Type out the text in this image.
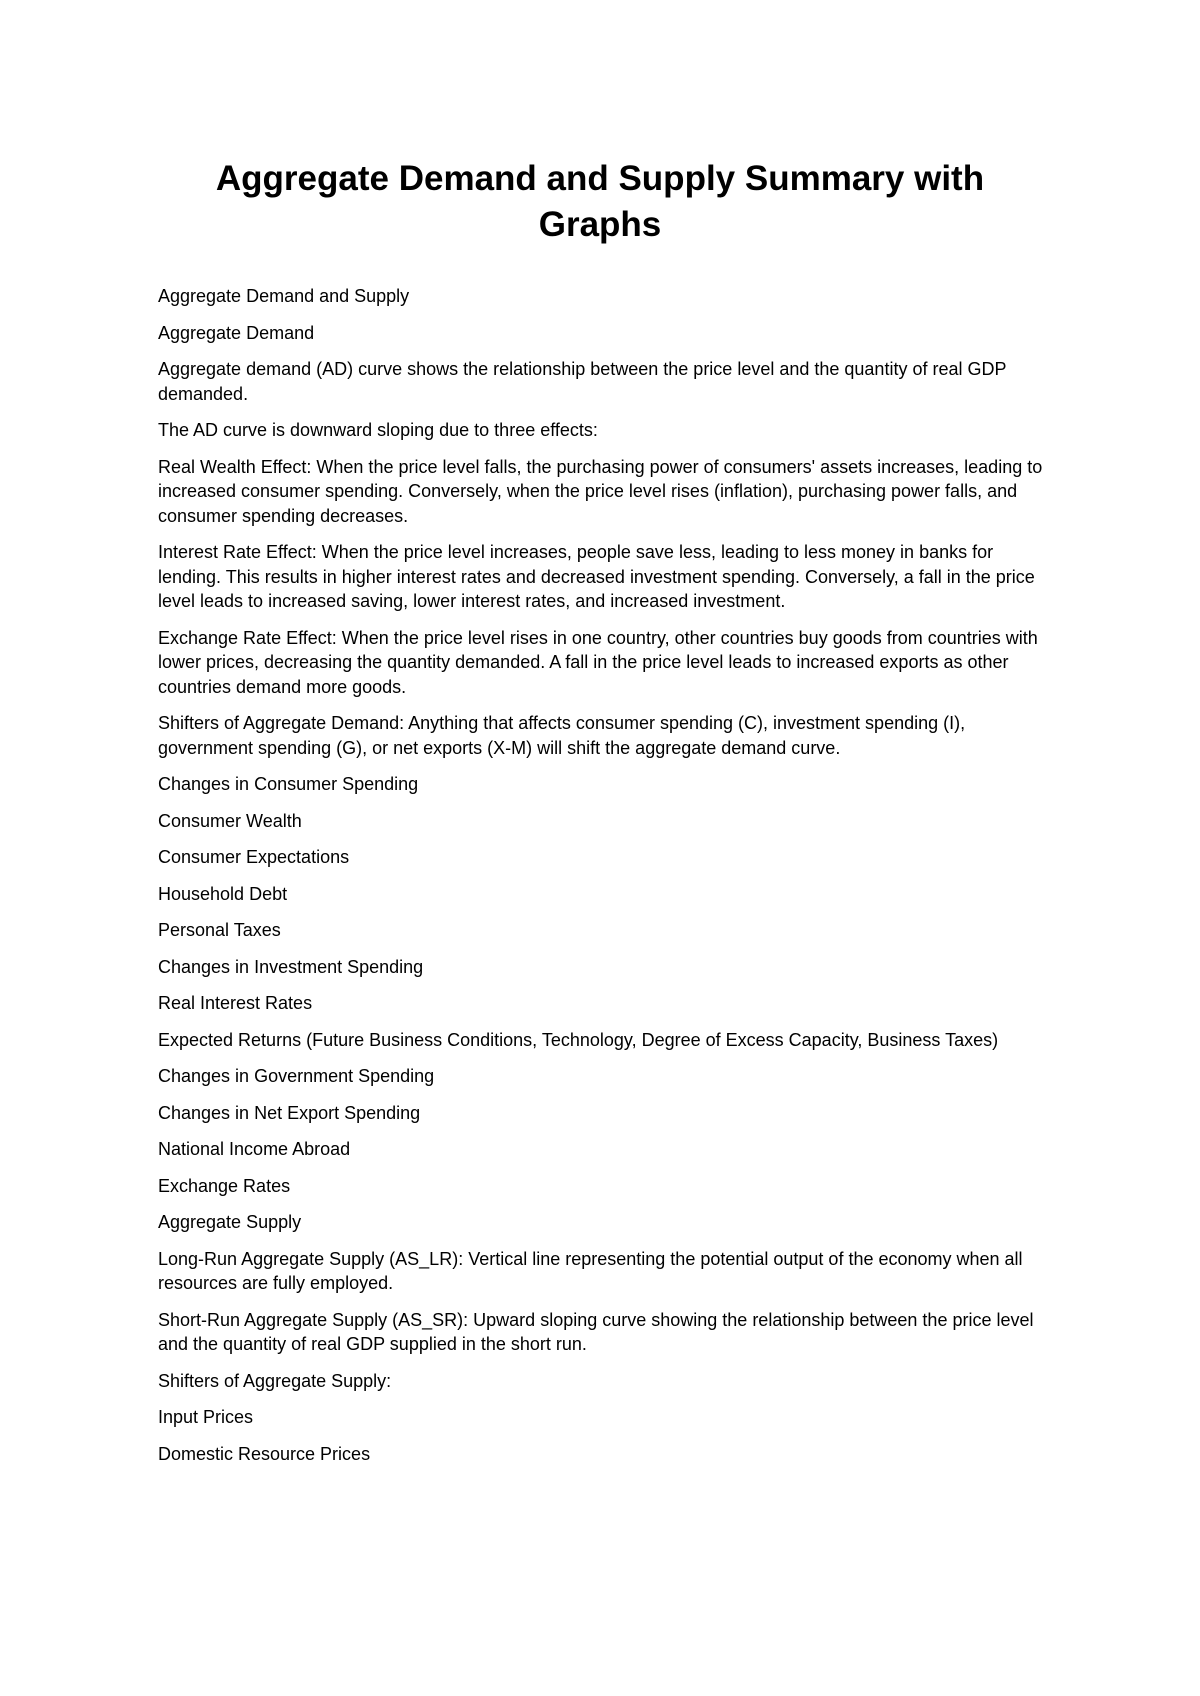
Aggregate Demand and Supply Summary with Graphs

Aggregate Demand and Supply

Aggregate Demand

Aggregate demand (AD) curve shows the relationship between the price level and the quantity of real GDP demanded.

The AD curve is downward sloping due to three effects:

Real Wealth Effect: When the price level falls, the purchasing power of consumers' assets increases, leading to increased consumer spending. Conversely, when the price level rises (inflation), purchasing power falls, and consumer spending decreases.

Interest Rate Effect: When the price level increases, people save less, leading to less money in banks for lending. This results in higher interest rates and decreased investment spending. Conversely, a fall in the price level leads to increased saving, lower interest rates, and increased investment.

Exchange Rate Effect: When the price level rises in one country, other countries buy goods from countries with lower prices, decreasing the quantity demanded. A fall in the price level leads to increased exports as other countries demand more goods.

Shifters of Aggregate Demand: Anything that affects consumer spending (C), investment spending (I), government spending (G), or net exports (X-M) will shift the aggregate demand curve.

Changes in Consumer Spending

Consumer Wealth

Consumer Expectations

Household Debt

Personal Taxes

Changes in Investment Spending

Real Interest Rates

Expected Returns (Future Business Conditions, Technology, Degree of Excess Capacity, Business Taxes)

Changes in Government Spending

Changes in Net Export Spending

National Income Abroad

Exchange Rates

Aggregate Supply

Long-Run Aggregate Supply (AS_LR): Vertical line representing the potential output of the economy when all resources are fully employed.

Short-Run Aggregate Supply (AS_SR): Upward sloping curve showing the relationship between the price level and the quantity of real GDP supplied in the short run.

Shifters of Aggregate Supply:

Input Prices

Domestic Resource Prices
